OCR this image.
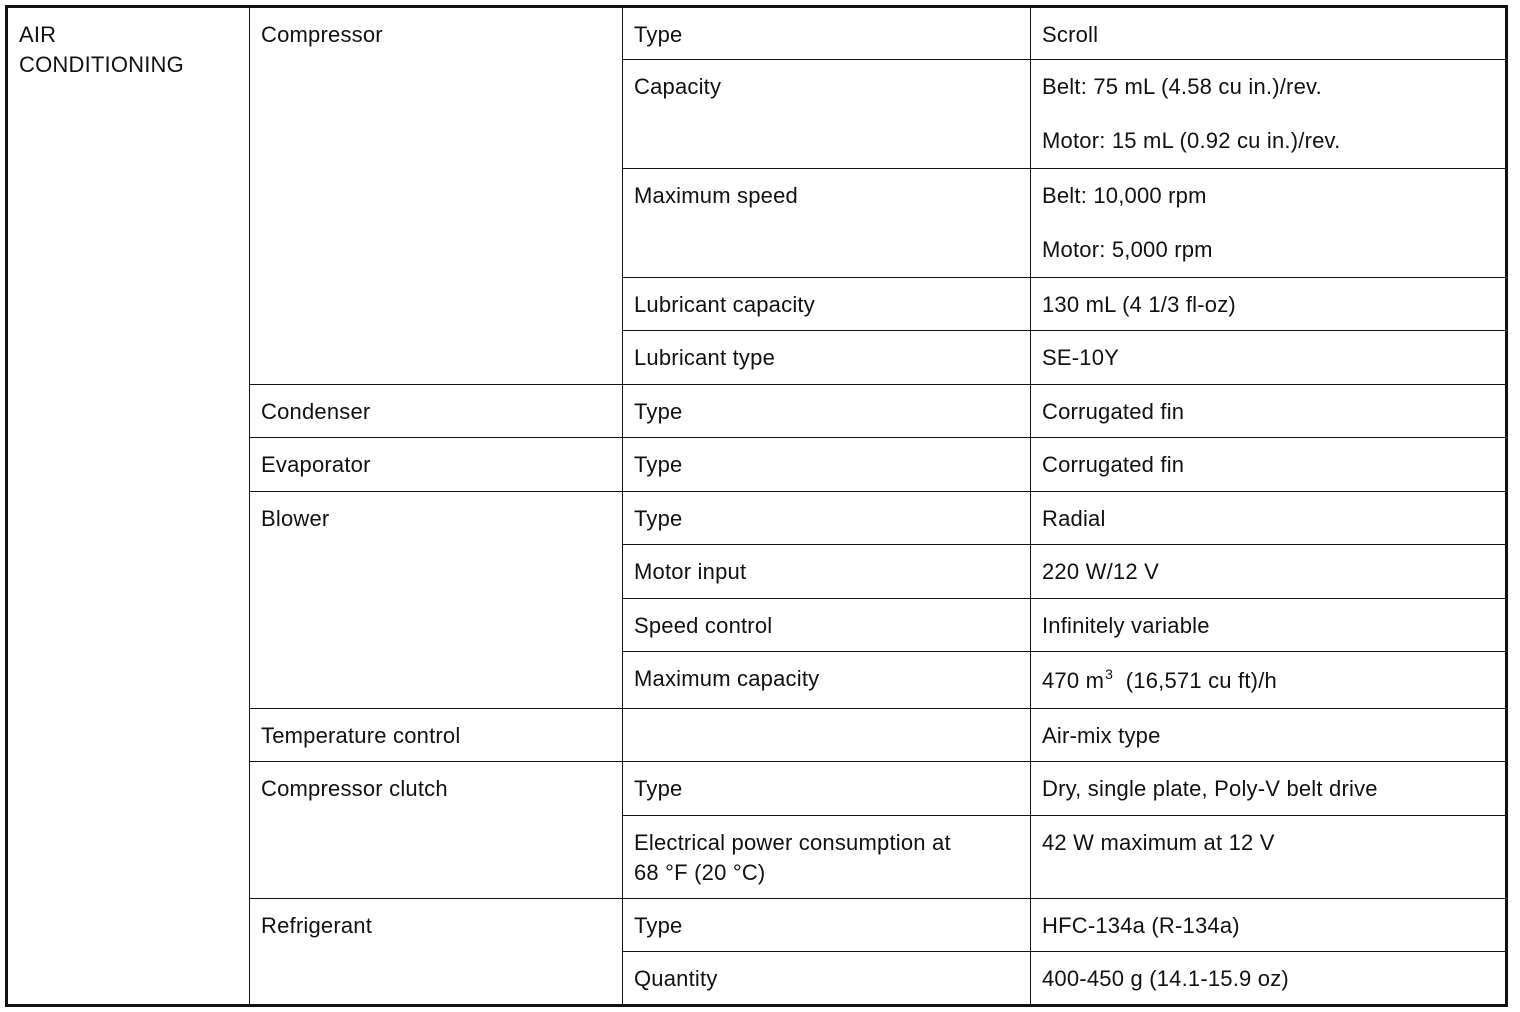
AIR
CONDITIONING	Compressor	Type	Scroll
		Capacity	Belt: 75 mL (4.58 cu in.)/rev.
Motor: 15 mL (0.92 cu in.)/rev.

		Maximum speed	Belt: 10,000 rpm
Motor: 5,000 rpm

		Lubricant capacity	130 mL (4 1/3 fl-oz)
		Lubricant type	SE-10Y
	Condenser	Type	Corrugated fin
	Evaporator	Type	Corrugated fin
	Blower	Type	Radial
		Motor input	220 W/12 V
		Speed control	Infinitely variable
		Maximum capacity	470 $m^3$ (16,571 cu ft)/h
	Temperature control		Air-mix type
	Compressor clutch	Type	Dry, single plate, Poly-V belt drive
		Electrical power consumption at
68 °F (20 °C)	42 W maximum at 12 V
	Refrigerant	Type	HFC-134a (R-134a)
		Quantity	400-450 g (14.1-15.9 oz)
